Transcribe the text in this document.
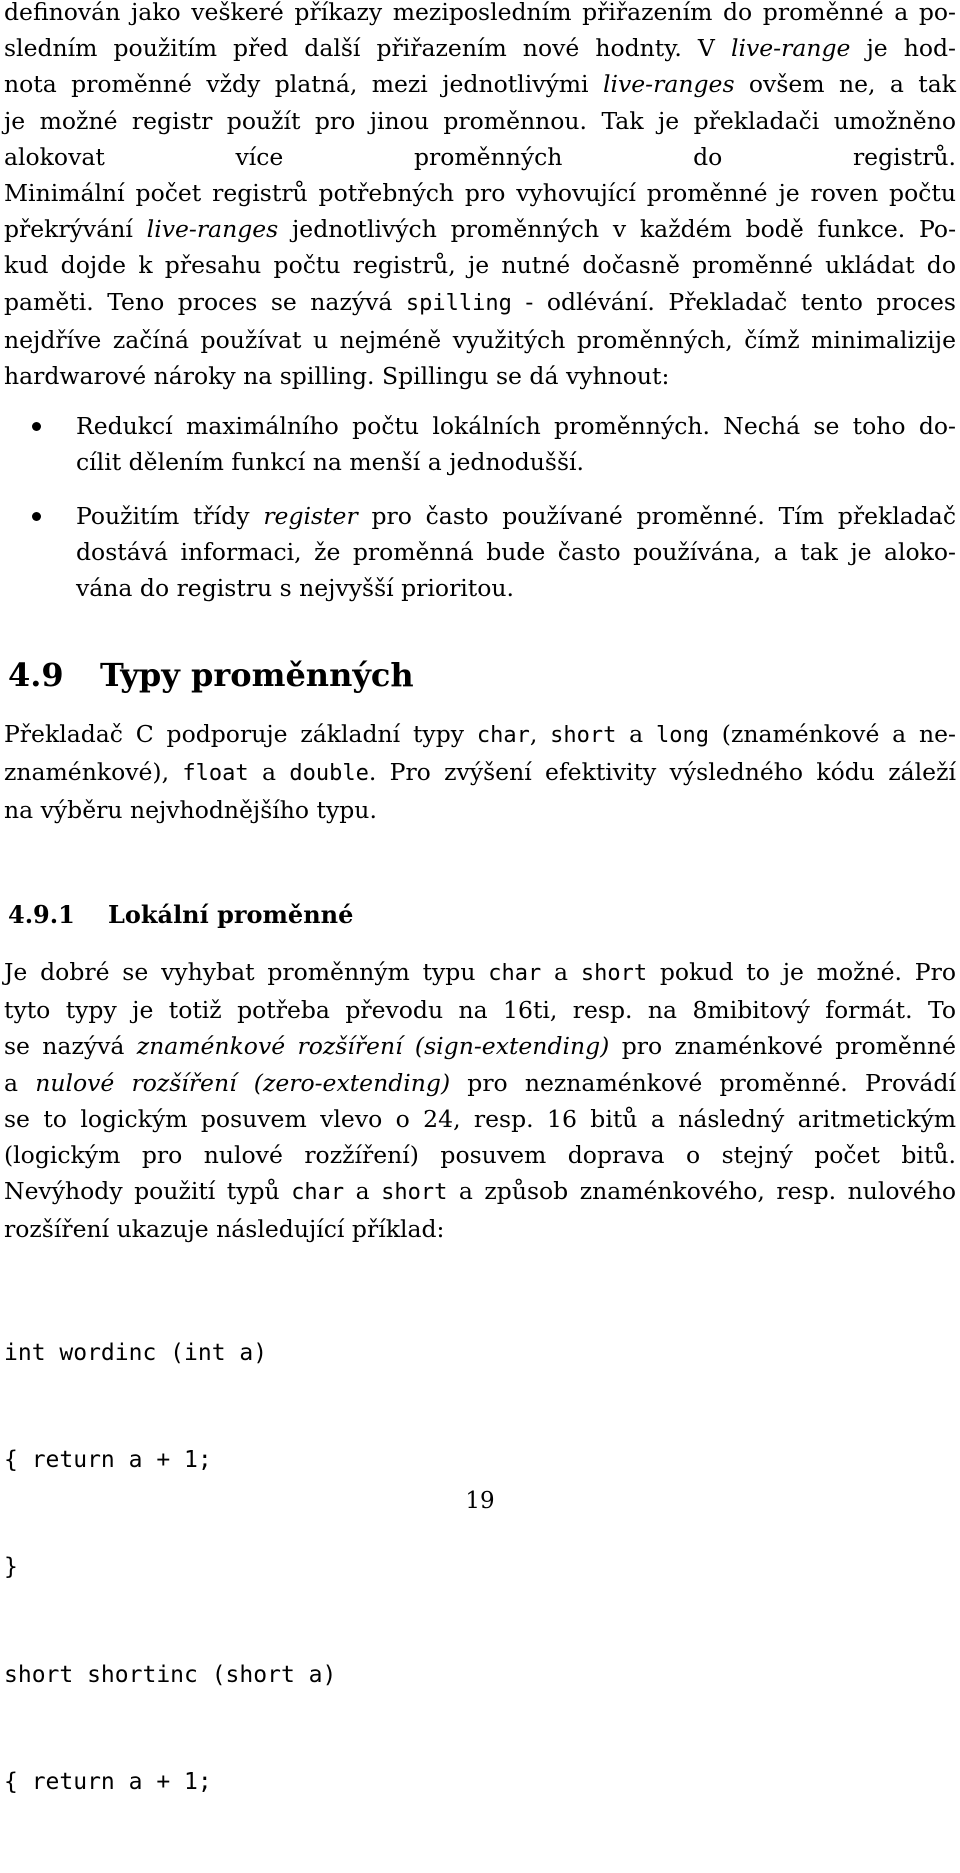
definován jako veškeré příkazy meziposledním přiřazením do proměnné a po-
sledním použitím před další přiřazením nové hodnty. V live-range je hod-
nota proměnné vždy platná, mezi jednotlivými live-ranges ovšem ne, a tak
je možné registr použít pro jinou proměnnou. Tak je překladači umožněno
alokovat více proměnných do registrů.
Minimální počet registrů potřebných pro vyhovující proměnné je roven počtu
překrývání live-ranges jednotlivých proměnných v každém bodě funkce. Po-
kud dojde k přesahu počtu registrů, je nutné dočasně proměnné ukládat do
paměti. Teno proces se nazývá spilling - odlévání. Překladač tento proces
nejdříve začíná používat u nejméně využitých proměnných, čímž minimalizije
hardwarové nároky na spilling. Spillingu se dá vyhnout:

Redukcí maximálního počtu lokálních proměnných. Nechá se toho do-
cílit dělením funkcí na menší a jednodušší.
Použitím třídy register pro často používané proměnné. Tím překladač
dostává informaci, že proměnná bude často používána, a tak je aloko-
vána do registru s nejvyšší prioritou.
4.9 Typy proměnných

Překladač C podporuje základní typy char, short a long (znaménkové a ne-
znaménkové), float a double. Pro zvýšení efektivity výsledného kódu záleží
na výběru nejvhodnějšího typu.

4.9.1 Lokální proměnné

Je dobré se vyhybat proměnným typu char a short pokud to je možné. Pro
tyto typy je totiž potřeba převodu na 16ti, resp. na 8mibitový formát. To
se nazývá znaménkové rozšíření (sign-extending) pro znaménkové proměnné
a nulové rozšíření (zero-extending) pro neznaménkové proměnné. Provádí
se to logickým posuvem vlevo o 24, resp. 16 bitů a následný aritmetickým
(logickým pro nulové rozžíření) posuvem doprava o stejný počet bitů.
Nevýhody použití typů char a short a způsob znaménkového, resp. nulového
rozšíření ukazuje následující příklad:

int wordinc (int a)

{ return a + 1;

}

short shortinc (short a)

{ return a + 1;

19
